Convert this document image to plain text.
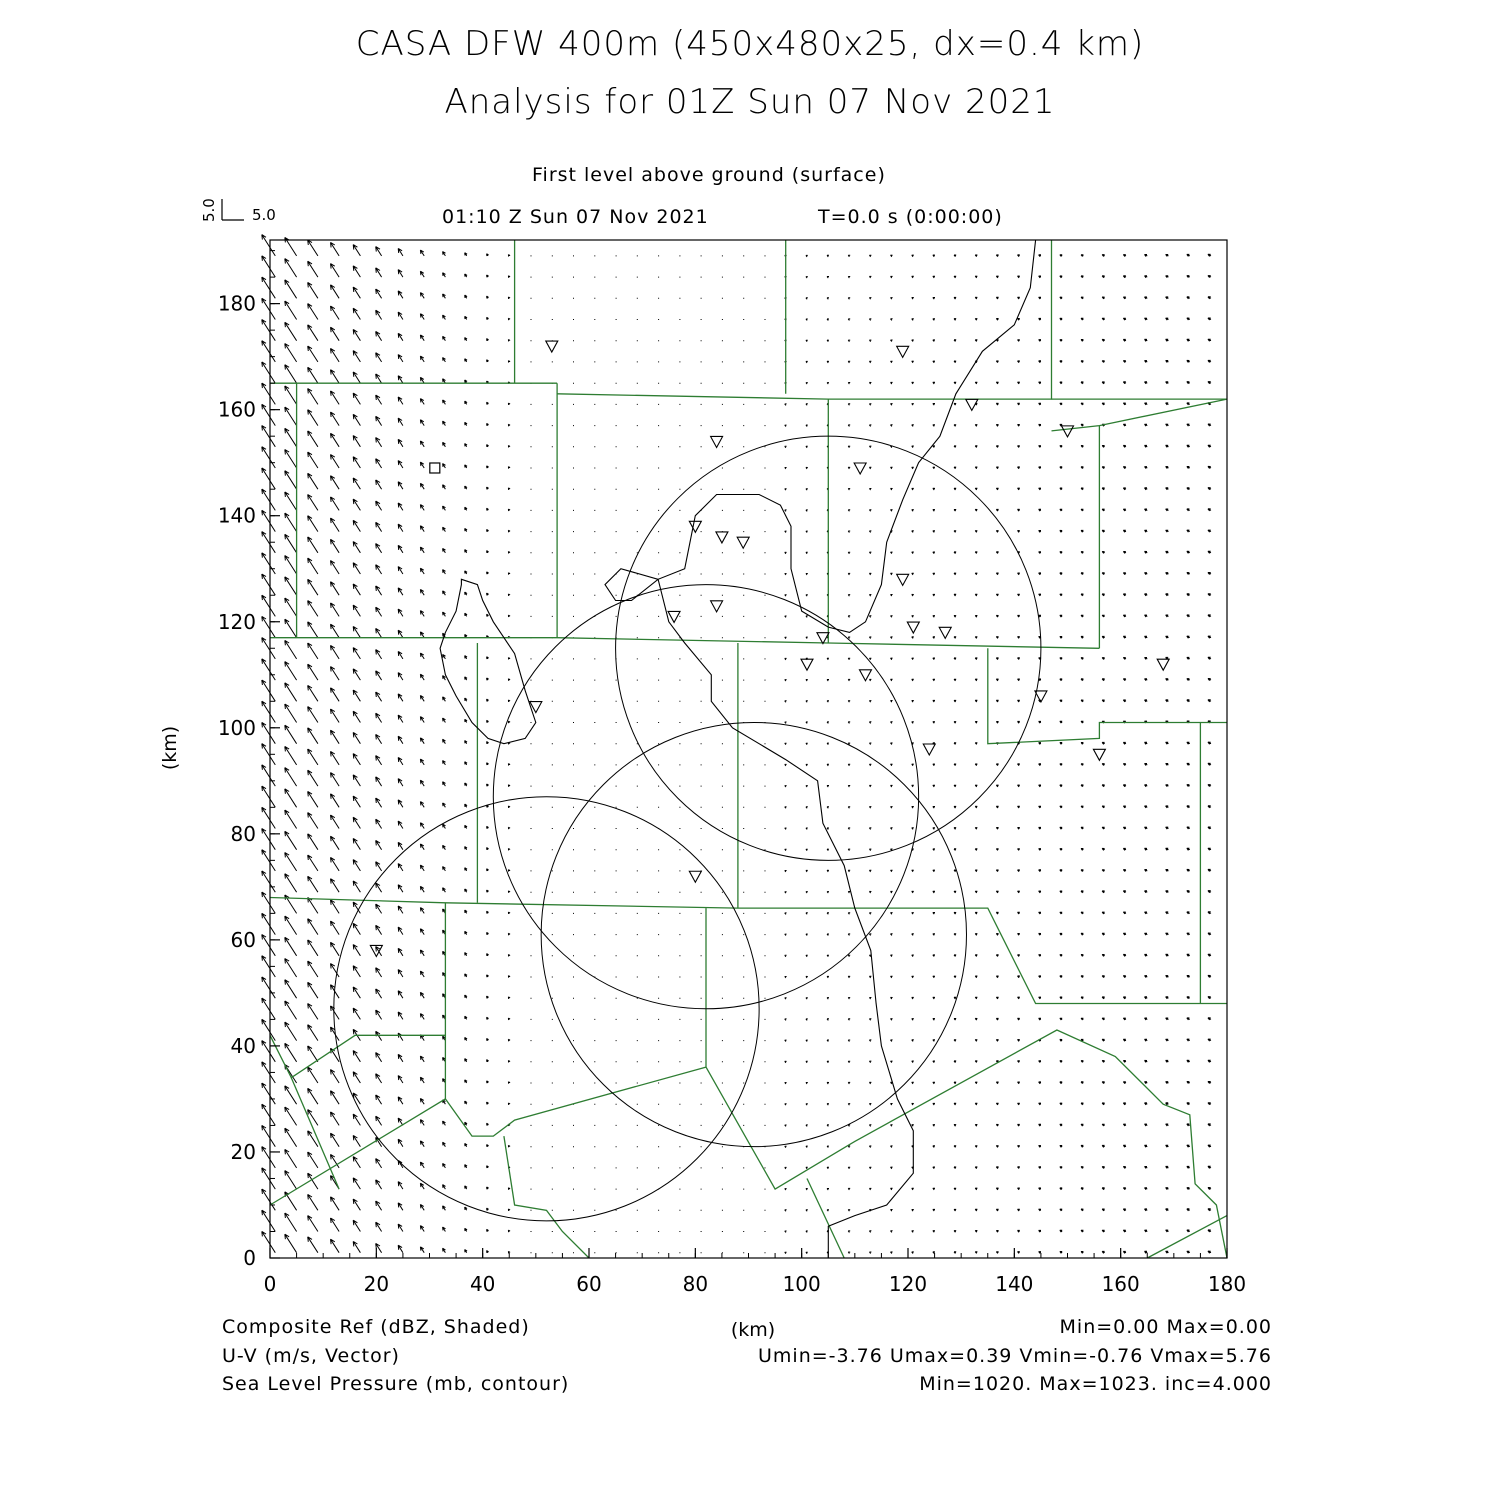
CASA DFW 400m (450x480x25, dx=0.4 km)
Analysis for 01Z Sun 07 Nov 2021
First level above ground (surface)
01:10 Z Sun 07 Nov 2021	T=0.0 s (0:00:00)
5.0
5.0
0	20	40	60	80	100	120	140	160	180
0
20
40
60
80
100
120
140
160
180
(km)
(km)
Composite Ref (dBZ, Shaded)	Min=0.00 Max=0.00
U-V (m/s, Vector)	Umin=-3.76 Umax=0.39 Vmin=-0.76 Vmax=5.76
Sea Level Pressure (mb, contour)	Min=1020. Max=1023. inc=4.000
